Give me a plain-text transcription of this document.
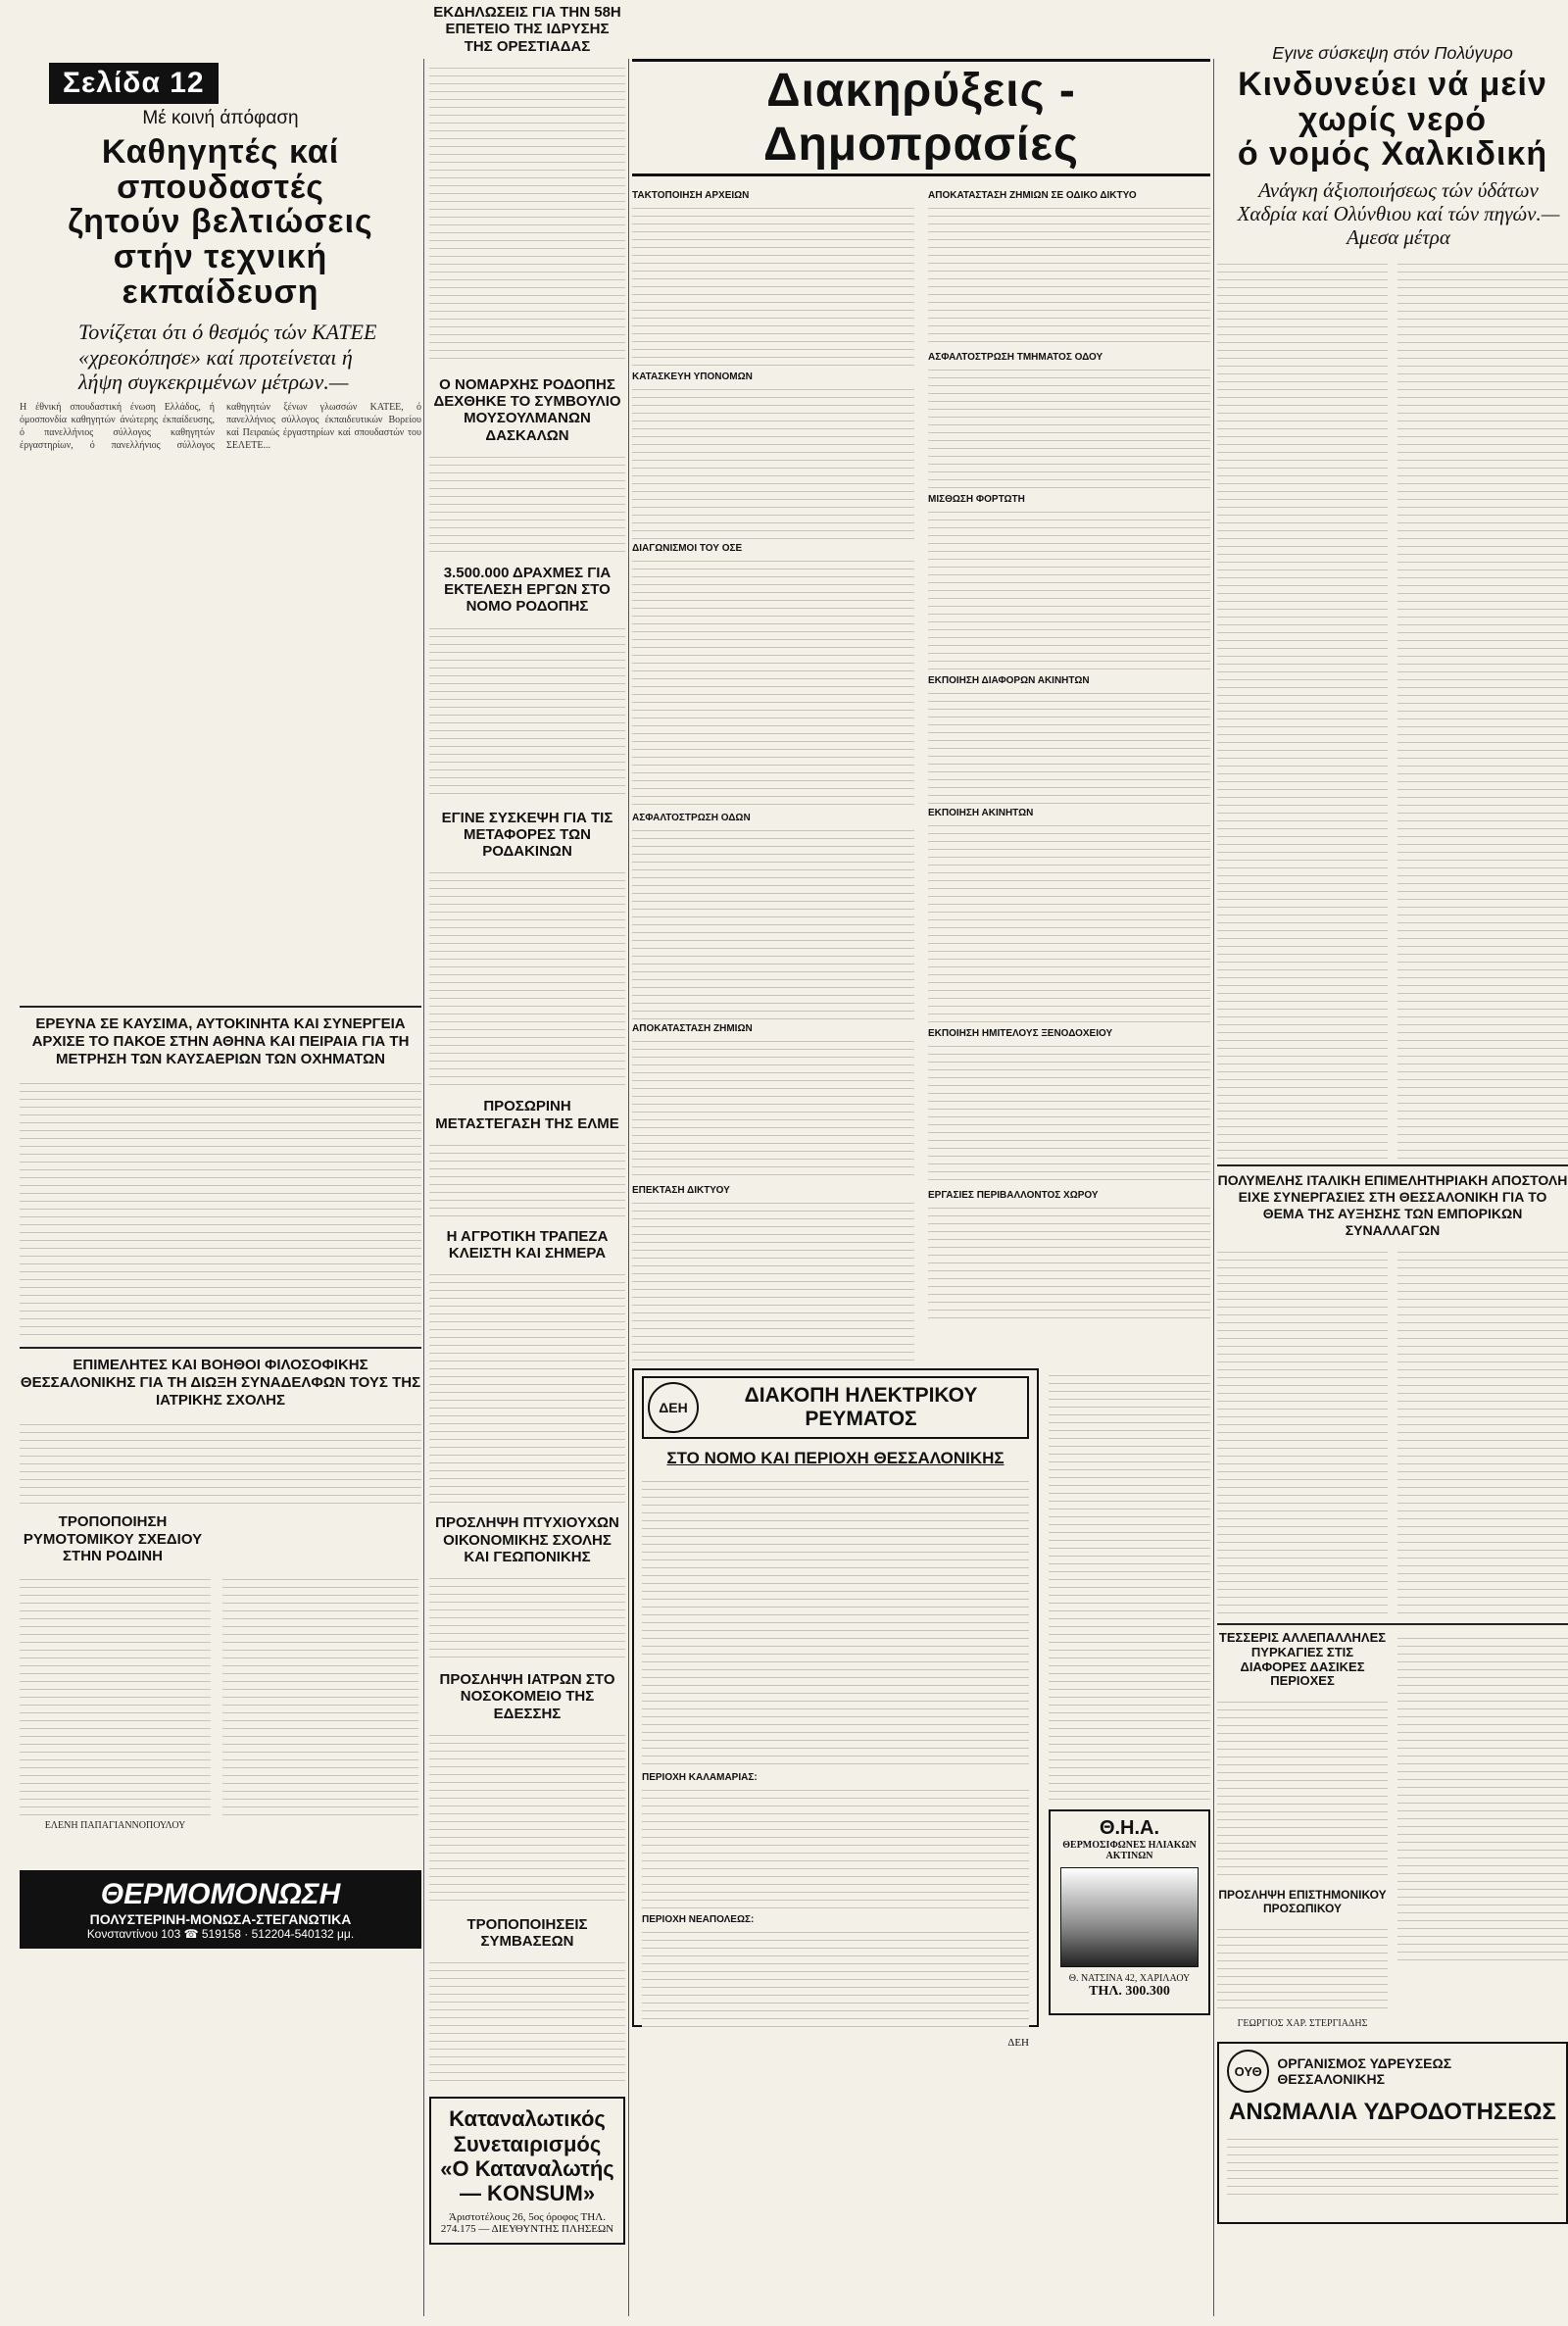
Σελίδα 12
Μέ κοινή άπόφαση
Καθηγητές καί σπουδαστές
ζητούν βελτιώσεις
στήν τεχνική εκπαίδευση
Τονίζεται ότι ό θεσμός τών ΚΑΤΕΕ «χρεοκόπησε» καί προτείνεται ή λήψη συγκεκριμένων μέτρων.—
Η έθνική σπουδαστική ένωση Ελλάδος, ή όμοσπονδία καθηγητών άνώτερης έκπαίδευσης, ό πανελλήνιος σύλλογος καθηγητών έργαστηρίων, ό πανελλήνιος σύλλογος καθηγητών ξένων γλωσσών ΚΑΤΕΕ, ό πανελλήνιος σύλλογος έκπαιδευτικών Βορείου καί Πειραιώς έργαστηρίων καί σπουδαστών του ΣΕΛΕΤΕ...
ΕΡΕΥΝΑ ΣΕ ΚΑΥΣΙΜΑ, ΑΥΤΟΚΙΝΗΤΑ ΚΑΙ ΣΥΝΕΡΓΕΙΑ ΑΡΧΙΣΕ ΤΟ ΠΑΚΟΕ ΣΤΗΝ ΑΘΗΝΑ ΚΑΙ ΠΕΙΡΑΙΑ ΓΙΑ ΤΗ ΜΕΤΡΗΣΗ ΤΩΝ ΚΑΥΣΑΕΡΙΩΝ ΤΩΝ ΟΧΗΜΑΤΩΝ
ΕΠΙΜΕΛΗΤΕΣ ΚΑΙ ΒΟΗΘΟΙ ΦΙΛΟΣΟΦΙΚΗΣ ΘΕΣΣΑΛΟΝΙΚΗΣ ΓΙΑ ΤΗ ΔΙΩΞΗ ΣΥΝΑΔΕΛΦΩΝ ΤΟΥΣ ΤΗΣ ΙΑΤΡΙΚΗΣ ΣΧΟΛΗΣ
ΤΡΟΠΟΠΟΙΗΣΗ ΡΥΜΟΤΟΜΙΚΟΥ ΣΧΕΔΙΟΥ ΣΤΗΝ ΡΟΔΙΝΗ
ΕΛΕΝΗ ΠΑΠΑΓΙΑΝΝΟΠΟΥΛΟΥ
ΘΕΡΜΟΜΟΝΩΣΗ
ΠΟΛΥΣΤΕΡΙΝΗ-ΜΟΝΩΣΑ-ΣΤΕΓΑΝΩΤΙΚΑ
Κονσταντίνου 103 ☎ 519158 · 512204-540132 μμ.
ΕΚΔΗΛΩΣΕΙΣ ΓΙΑ ΤΗΝ 58Η ΕΠΕΤΕΙΟ ΤΗΣ ΙΔΡΥΣΗΣ ΤΗΣ ΟΡΕΣΤΙΑΔΑΣ
Ο ΝΟΜΑΡΧΗΣ ΡΟΔΟΠΗΣ ΔΕΧΘΗΚΕ ΤΟ ΣΥΜΒΟΥΛΙΟ ΜΟΥΣΟΥΛΜΑΝΩΝ ΔΑΣΚΑΛΩΝ
3.500.000 ΔΡΑΧΜΕΣ ΓΙΑ ΕΚΤΕΛΕΣΗ ΕΡΓΩΝ ΣΤΟ ΝΟΜΟ ΡΟΔΟΠΗΣ
ΕΓΙΝΕ ΣΥΣΚΕΨΗ ΓΙΑ ΤΙΣ ΜΕΤΑΦΟΡΕΣ ΤΩΝ ΡΟΔΑΚΙΝΩΝ
ΠΡΟΣΩΡΙΝΗ ΜΕΤΑΣΤΕΓΑΣΗ ΤΗΣ ΕΛΜΕ
Η ΑΓΡΟΤΙΚΗ ΤΡΑΠΕΖΑ ΚΛΕΙΣΤΗ ΚΑΙ ΣΗΜΕΡΑ
ΠΡΟΣΛΗΨΗ ΠΤΥΧΙΟΥΧΩΝ ΟΙΚΟΝΟΜΙΚΗΣ ΣΧΟΛΗΣ ΚΑΙ ΓΕΩΠΟΝΙΚΗΣ
ΠΡΟΣΛΗΨΗ ΙΑΤΡΩΝ ΣΤΟ ΝΟΣΟΚΟΜΕΙΟ ΤΗΣ ΕΔΕΣΣΗΣ
ΤΡΟΠΟΠΟΙΗΣΕΙΣ ΣΥΜΒΑΣΕΩΝ
Καταναλωτικός Συνεταιρισμός «Ο Καταναλωτής — KONSUM»
Άριστοτέλους 26, 5ος όροφος ΤΗΛ. 274.175 — ΔΙΕΥΘΥΝΤΗΣ ΠΛΗΣΕΩΝ
Διακηρύξεις - Δημοπρασίες
ΤΑΚΤΟΠΟΙΗΣΗ ΑΡΧΕΙΩΝ
ΚΑΤΑΣΚΕΥΗ ΥΠΟΝΟΜΩΝ
ΔΙΑΓΩΝΙΣΜΟΙ ΤΟΥ ΟΣΕ
ΑΣΦΑΛΤΟΣΤΡΩΣΗ ΟΔΩΝ
ΑΠΟΚΑΤΑΣΤΑΣΗ ΖΗΜΙΩΝ
ΕΠΕΚΤΑΣΗ ΔΙΚΤΥΟΥ
ΑΠΟΚΑΤΑΣΤΑΣΗ ΖΗΜΙΩΝ ΣΕ ΟΔΙΚΟ ΔΙΚΤΥΟ
ΑΣΦΑΛΤΟΣΤΡΩΣΗ ΤΜΗΜΑΤΟΣ ΟΔΟΥ
ΜΙΣΘΩΣΗ ΦΟΡΤΩΤΗ
ΕΚΠΟΙΗΣΗ ΔΙΑΦΟΡΩΝ ΑΚΙΝΗΤΩΝ
ΕΚΠΟΙΗΣΗ ΑΚΙΝΗΤΩΝ
ΕΚΠΟΙΗΣΗ ΗΜΙΤΕΛΟΥΣ ΞΕΝΟΔΟΧΕΙΟΥ
ΕΡΓΑΣΙΕΣ ΠΕΡΙΒΑΛΛΟΝΤΟΣ ΧΩΡΟΥ
ΔΕΗ
ΔΙΑΚΟΠΗ ΗΛΕΚΤΡΙΚΟΥ ΡΕΥΜΑΤΟΣ
ΣΤΟ ΝΟΜΟ ΚΑΙ ΠΕΡΙΟΧΗ ΘΕΣΣΑΛΟΝΙΚΗΣ
ΠΕΡΙΟΧΗ ΚΑΛΑΜΑΡΙΑΣ:
ΠΕΡΙΟΧΗ ΝΕΑΠΟΛΕΩΣ:
ΔΕΗ
Θ.Η.Α.
ΘΕΡΜΟΣΙΦΩΝΕΣ ΗΛΙΑΚΩΝ ΑΚΤΙΝΩΝ
Θ. ΝΑΤΣΙΝΑ 42, ΧΑΡΙΛΑΟΥ
ΤΗΛ. 300.300
Εγινε σύσκεψη στόν Πολύγυρο
Κινδυνεύει νά μείν
χωρίς νερό
ό νομός Χαλκιδική
Ανάγκη άξιοποιήσεως τών ύδάτων Χαδρία καί Ολύνθιου καί τών πηγών.— Αμεσα μέτρα
ΠΟΛΥΜΕΛΗΣ ΙΤΑΛΙΚΗ ΕΠΙΜΕΛΗΤΗΡΙΑΚΗ ΑΠΟΣΤΟΛΗ ΕΙΧΕ ΣΥΝΕΡΓΑΣΙΕΣ ΣΤΗ ΘΕΣΣΑΛΟΝΙΚΗ ΓΙΑ ΤΟ ΘΕΜΑ ΤΗΣ ΑΥΞΗΣΗΣ ΤΩΝ ΕΜΠΟΡΙΚΩΝ ΣΥΝΑΛΛΑΓΩΝ
ΤΕΣΣΕΡΙΣ ΑΛΛΕΠΑΛΛΗΛΕΣ ΠΥΡΚΑΓΙΕΣ ΣΤΙΣ ΔΙΑΦΟΡΕΣ ΔΑΣΙΚΕΣ ΠΕΡΙΟΧΕΣ
ΠΡΟΣΛΗΨΗ ΕΠΙΣΤΗΜΟΝΙΚΟΥ ΠΡΟΣΩΠΙΚΟΥ
ΓΕΩΡΓΙΟΣ ΧΑΡ. ΣΤΕΡΓΙΑΔΗΣ
ΟΥΘ	ΟΡΓΑΝΙΣΜΟΣ ΥΔΡΕΥΣΕΩΣ ΘΕΣΣΑΛΟΝΙΚΗΣ
ΑΝΩΜΑΛΙΑ ΥΔΡΟΔΟΤΗΣΕΩΣ
